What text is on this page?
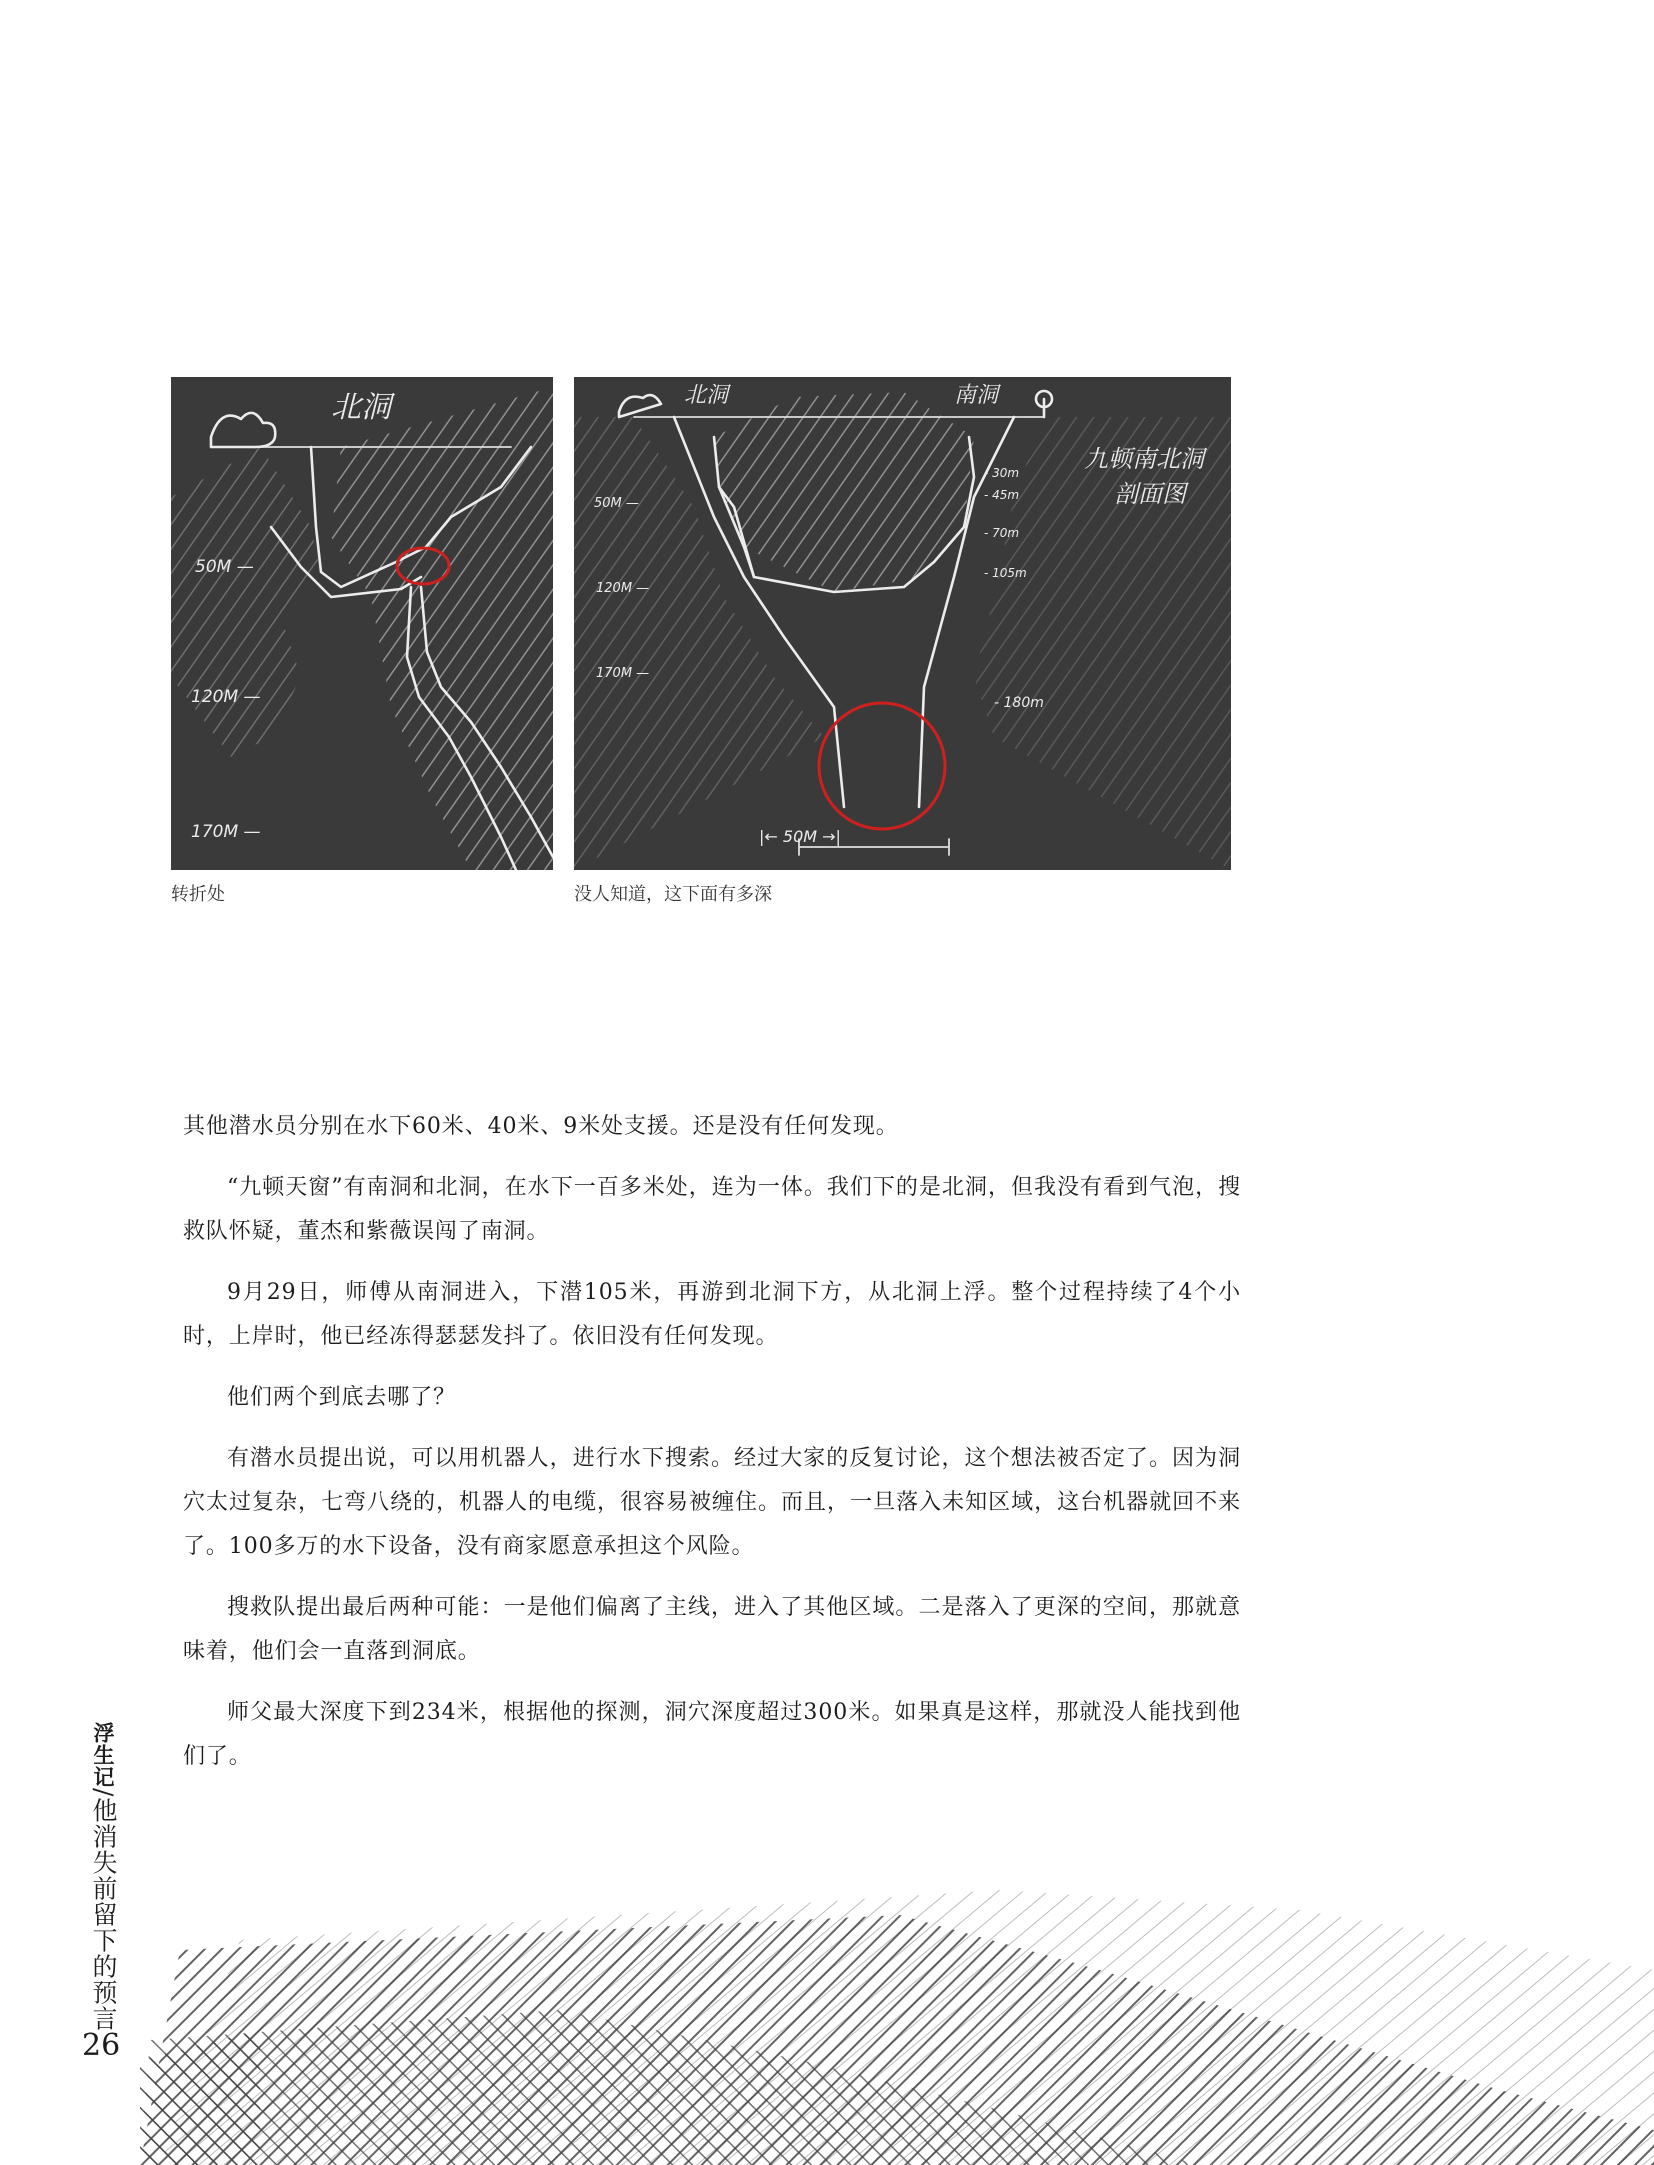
北洞
50M —
120M —
170M —
转折处
北洞	南洞
九顿南北洞
剖面图
50M —
120M —
170M —
- 30m
- 45m
- 70m
- 105m
- 180m
|← 50M →|
没人知道，这下面有多深

其他潜水员分别在水下60米、40米、9米处支援。还是没有任何发现。

“九顿天窗”有南洞和北洞，在水下一百多米处，连为一体。我们下的是北洞，但我没有看到气泡，搜救队怀疑，董杰和紫薇误闯了南洞。

9月29日，师傅从南洞进入，下潜105米，再游到北洞下方，从北洞上浮。整个过程持续了4个小时，上岸时，他已经冻得瑟瑟发抖了。依旧没有任何发现。

他们两个到底去哪了？

有潜水员提出说，可以用机器人，进行水下搜索。经过大家的反复讨论，这个想法被否定了。因为洞穴太过复杂，七弯八绕的，机器人的电缆，很容易被缠住。而且，一旦落入未知区域，这台机器就回不来了。100多万的水下设备，没有商家愿意承担这个风险。

搜救队提出最后两种可能：一是他们偏离了主线，进入了其他区域。二是落入了更深的空间，那就意味着，他们会一直落到洞底。

师父最大深度下到234米，根据他的探测，洞穴深度超过300米。如果真是这样，那就没人能找到他们了。

浮生记/他消失前留下的预言
26
